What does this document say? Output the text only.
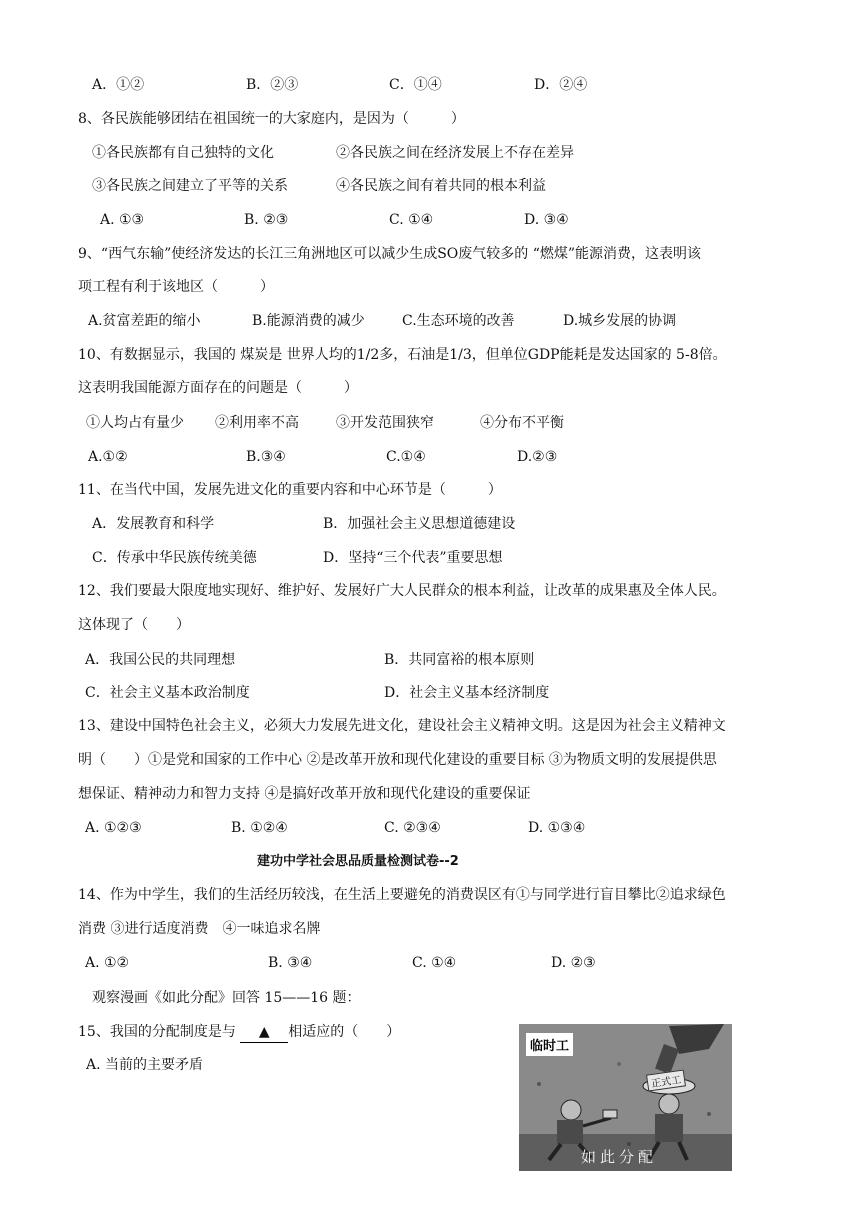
A．①②	B．②③	C．①④	D．②④
8、各民族能够团结在祖国统一的大家庭内，是因为（　　　）
①各民族都有自己独特的文化	②各民族之间在经济发展上不存在差异
③各民族之间建立了平等的关系	④各民族之间有着共同的根本利益
A. ①③	B. ②③	C. ①④	D. ③④
9、“西气东输”使经济发达的长江三角洲地区可以减少生成SO废气较多的 “燃煤”能源消费，这表明该
项工程有利于该地区（　　　）
A.贫富差距的缩小	B.能源消费的减少	C.生态环境的改善	D.城乡发展的协调
10、有数据显示，我国的 煤炭是 世界人均的1/2多，石油是1/3，但单位GDP能耗是发达国家的 5-8倍。
这表明我国能源方面存在的问题是（　　　）
①人均占有量少 ②利用率不高	③开发范围狭窄	④分布不平衡
A.①②	B.③④	C.①④	D.②③
11、在当代中国，发展先进文化的重要内容和中心环节是（　　　）
A．发展教育和科学	B．加强社会主义思想道德建设
C．传承中华民族传统美德	D．坚持“三个代表”重要思想
12、我们要最大限度地实现好、维护好、发展好广大人民群众的根本利益，让改革的成果惠及全体人民。
这体现了（　　）
A．我国公民的共同理想	B．共同富裕的根本原则
C．社会主义基本政治制度	D．社会主义基本经济制度
13、建设中国特色社会主义，必须大力发展先进文化，建设社会主义精神文明。这是因为社会主义精神文
明（　　）①是党和国家的工作中心 ②是改革开放和现代化建设的重要目标 ③为物质文明的发展提供思
想保证、精神动力和智力支持 ④是搞好改革开放和现代化建设的重要保证
A. ①②③	B. ①②④	C. ②③④	D. ①③④
建功中学社会思品质量检测试卷--2
14、作为中学生，我们的生活经历较浅，在生活上要避免的消费误区有①与同学进行盲目攀比②追求绿色
消费 ③进行适度消费　④一味追求名牌
A. ①②	B. ③④	C. ①④	D. ②③
观察漫画《如此分配》回答 15——16 题：
15、我国的分配制度是与 ▲ 相适应的（　　）
A. 当前的主要矛盾
临时工
正式工
如此分配
